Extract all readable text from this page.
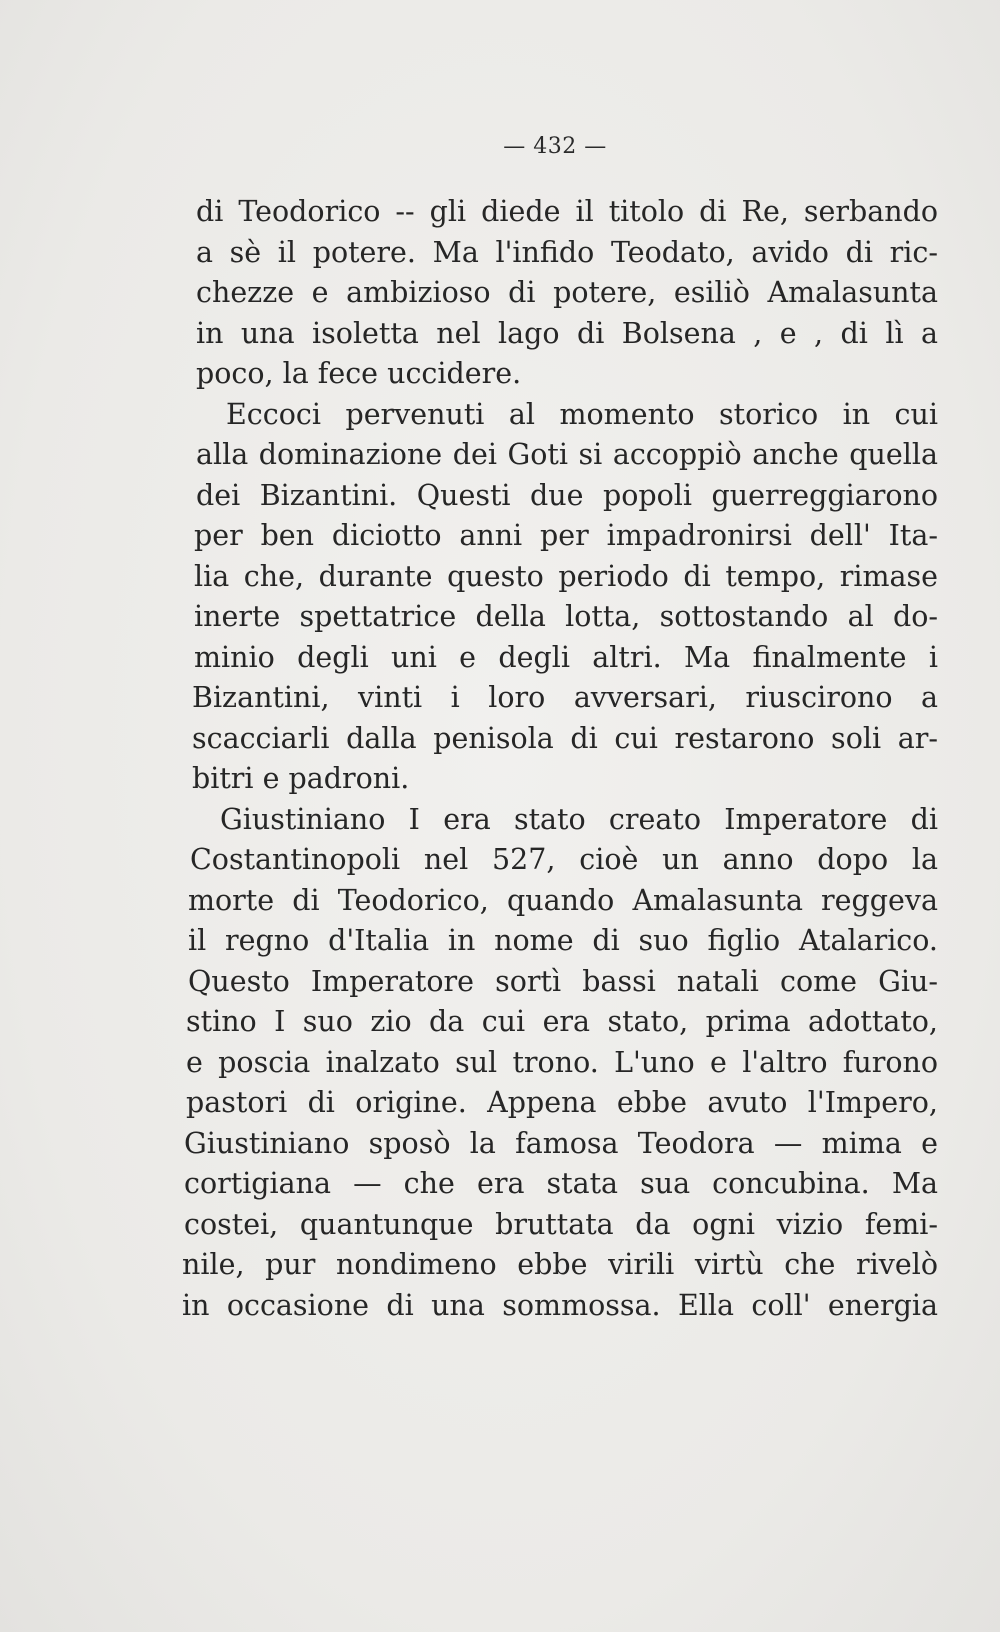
— 432 —
di Teodorico -- gli diede il titolo di Re, serbando
a sè il potere. Ma l'infido Teodato, avido di ric-
chezze e ambizioso di potere, esiliò Amalasunta
in una isoletta nel lago di Bolsena , e , di lì a
poco, la fece uccidere.
Eccoci pervenuti al momento storico in cui
alla dominazione dei Goti si accoppiò anche quella
dei Bizantini. Questi due popoli guerreggiarono
per ben diciotto anni per impadronirsi dell' Ita-
lia che, durante questo periodo di tempo, rimase
inerte spettatrice della lotta, sottostando al do-
minio degli uni e degli altri. Ma finalmente i
Bizantini, vinti i loro avversari, riuscirono a
scacciarli dalla penisola di cui restarono soli ar-
bitri e padroni.
Giustiniano I era stato creato Imperatore di
Costantinopoli nel 527, cioè un anno dopo la
morte di Teodorico, quando Amalasunta reggeva
il regno d'Italia in nome di suo figlio Atalarico.
Questo Imperatore sortì bassi natali come Giu-
stino I suo zio da cui era stato, prima adottato,
e poscia inalzato sul trono. L'uno e l'altro furono
pastori di origine. Appena ebbe avuto l'Impero,
Giustiniano sposò la famosa Teodora — mima e
cortigiana — che era stata sua concubina. Ma
costei, quantunque bruttata da ogni vizio femi-
nile, pur nondimeno ebbe virili virtù che rivelò
in occasione di una sommossa. Ella coll' energia
